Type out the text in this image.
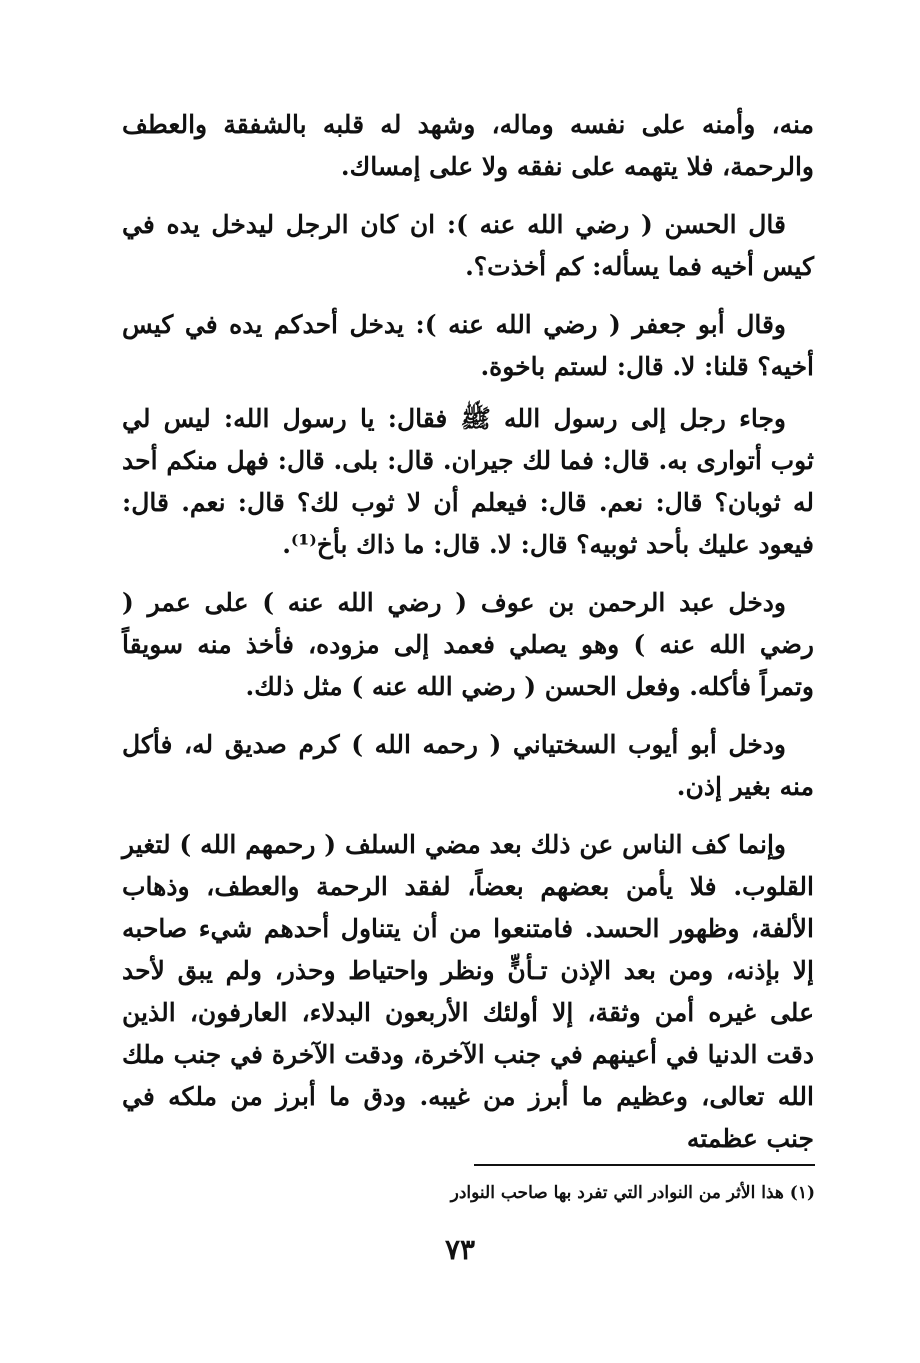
منه، وأمنه على نفسه وماله، وشهد له قلبه بالشفقة والعطف والرحمة، فلا يتهمه على نفقه ولا على إمساك.

قال الحسن ( رضي الله عنه ): ان كان الرجل ليدخل يده في كيس أخيه فما يسأله: كم أخذت؟.

وقال أبو جعفر ( رضي الله عنه ): يدخل أحدكم يده في كيس أخيه؟ قلنا: لا. قال: لستم باخوة.

وجاء رجل إلى رسول الله ﷺ فقال: يا رسول الله: ليس لي ثوب أتوارى به. قال: فما لك جيران. قال: بلى. قال: فهل منكم أحد له ثوبان؟ قال: نعم. قال: فيعلم أن لا ثوب لك؟ قال: نعم. قال: فيعود عليك بأحد ثوبيه؟ قال: لا. قال: ما ذاك بأخ⁽¹⁾.

ودخل عبد الرحمن بن عوف ( رضي الله عنه ) على عمر ( رضي الله عنه ) وهو يصلي فعمد إلى مزوده، فأخذ منه سويقاً وتمراً فأكله. وفعل الحسن ( رضي الله عنه ) مثل ذلك.

ودخل أبو أيوب السختياني ( رحمه الله ) كرم صديق له، فأكل منه بغير إذن.

وإنما كف الناس عن ذلك بعد مضي السلف ( رحمهم الله ) لتغير القلوب. فلا يأمن بعضهم بعضاً، لفقد الرحمة والعطف، وذهاب الألفة، وظهور الحسد. فامتنعوا من أن يتناول أحدهم شيء صاحبه إلا بإذنه، ومن بعد الإذن تـأنٍّ ونظر واحتياط وحذر، ولم يبق لأحد على غيره أمن وثقة، إلا أولئك الأربعون البدلاء، العارفون، الذين دقت الدنيا في أعينهم في جنب الآخرة، ودقت الآخرة في جنب ملك الله تعالى، وعظيم ما أبرز من غيبه. ودق ما أبرز من ملكه في جنب عظمته

(١) هذا الأثر من النوادر التي تفرد بها صاحب النوادر
٧٣
